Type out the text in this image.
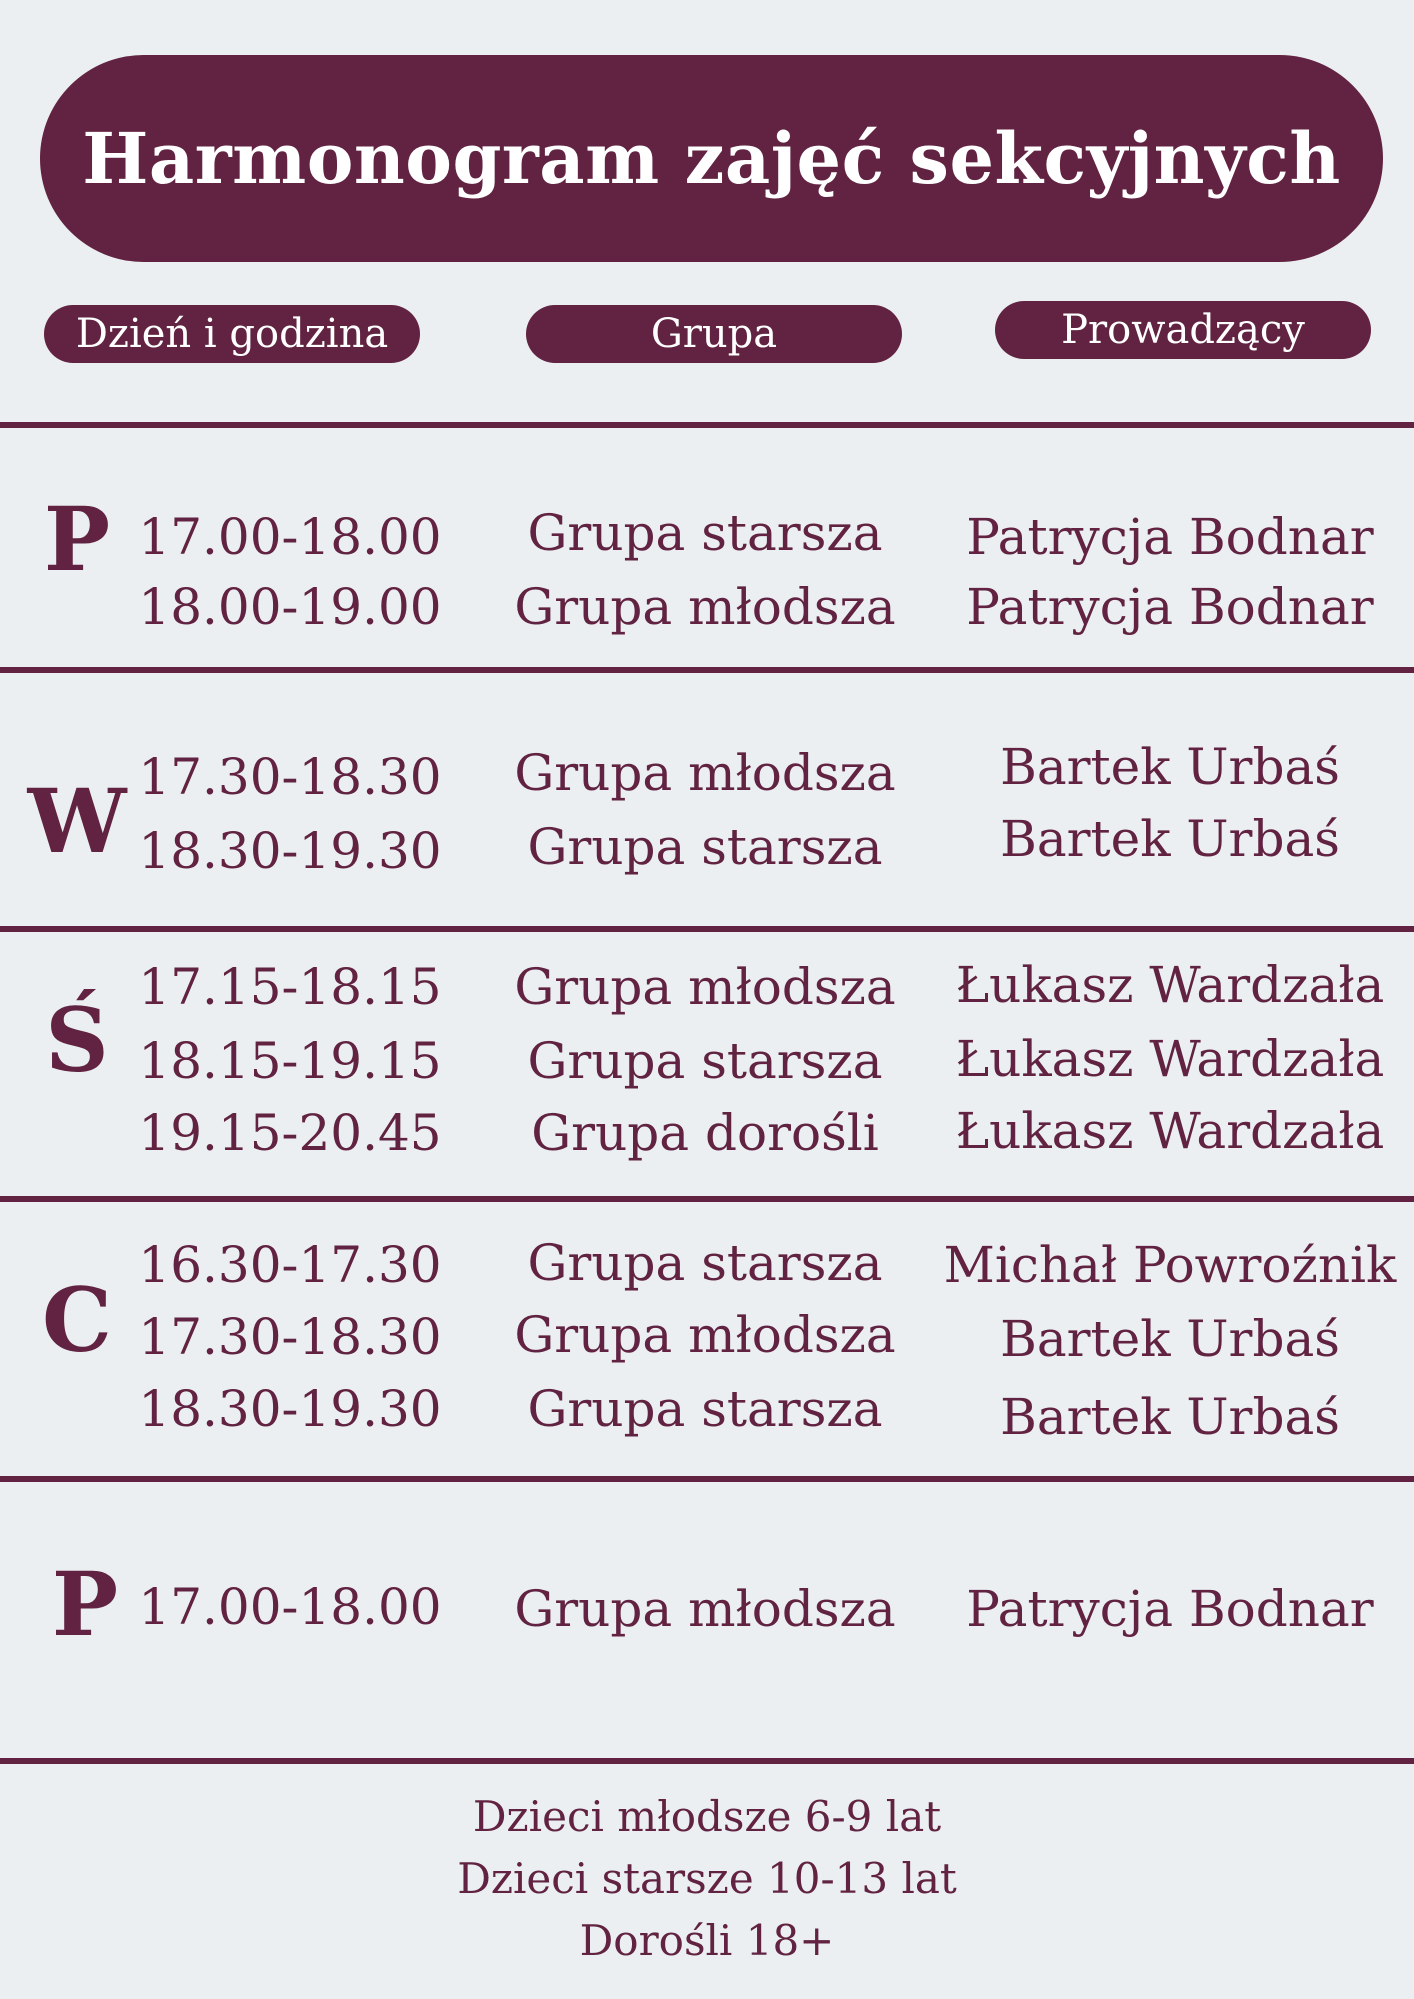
Harmonogram zajęć sekcyjnych
Dzień i godzina	Grupa	Prowadzący
P 17.00-18.00	Grupa starsza	Patrycja Bodnar
18.00-19.00	Grupa młodsza	Patrycja Bodnar
W 17.30-18.30	Grupa młodsza	Bartek Urbaś
18.30-19.30	Grupa starsza	Bartek Urbaś
Ś
17.15-18.15	Grupa młodsza	Łukasz Wardzała
18.15-19.15	Grupa starsza	Łukasz Wardzała
19.15-20.45	Grupa dorośli	Łukasz Wardzała
C
16.30-17.30	Grupa starsza	Michał Powroźnik
17.30-18.30	Grupa młodsza	Bartek Urbaś
18.30-19.30	Grupa starsza	Bartek Urbaś
P 17.00-18.00	Grupa młodsza	Patrycja Bodnar
Dzieci młodsze 6-9 lat
Dzieci starsze 10-13 lat
Dorośli 18+
